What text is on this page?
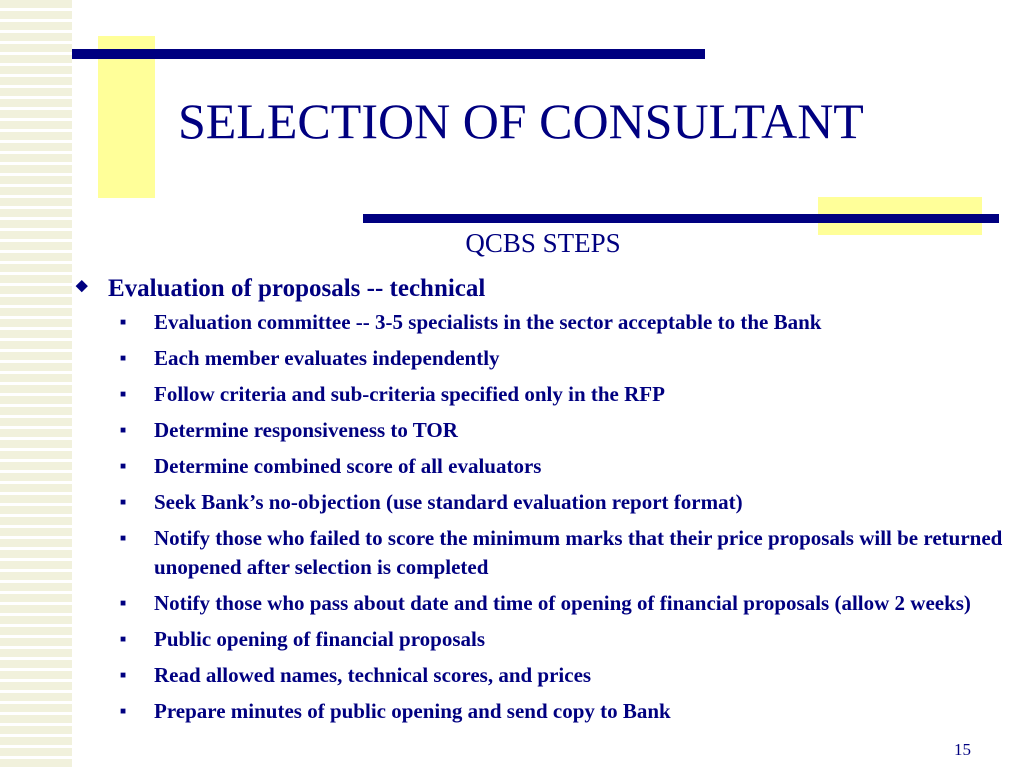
SELECTION OF CONSULTANT
QCBS STEPS
◆ Evaluation of proposals -- technical
■	Evaluation committee -- 3-5 specialists in the sector acceptable to the Bank
■	Each member evaluates independently
■	Follow criteria and sub-criteria specified only in the RFP
■	Determine responsiveness to TOR
■	Determine combined score of all evaluators
■	Seek Bank’s no-objection (use standard evaluation report format)
■	Notify those who failed to score the minimum marks that their price proposals will be returned unopened after selection is completed
■	Notify those who pass about date and time of opening of financial proposals (allow 2 weeks)
■	Public opening of financial proposals
■	Read allowed names, technical scores, and prices
■	Prepare minutes of public opening and send copy to Bank
15
